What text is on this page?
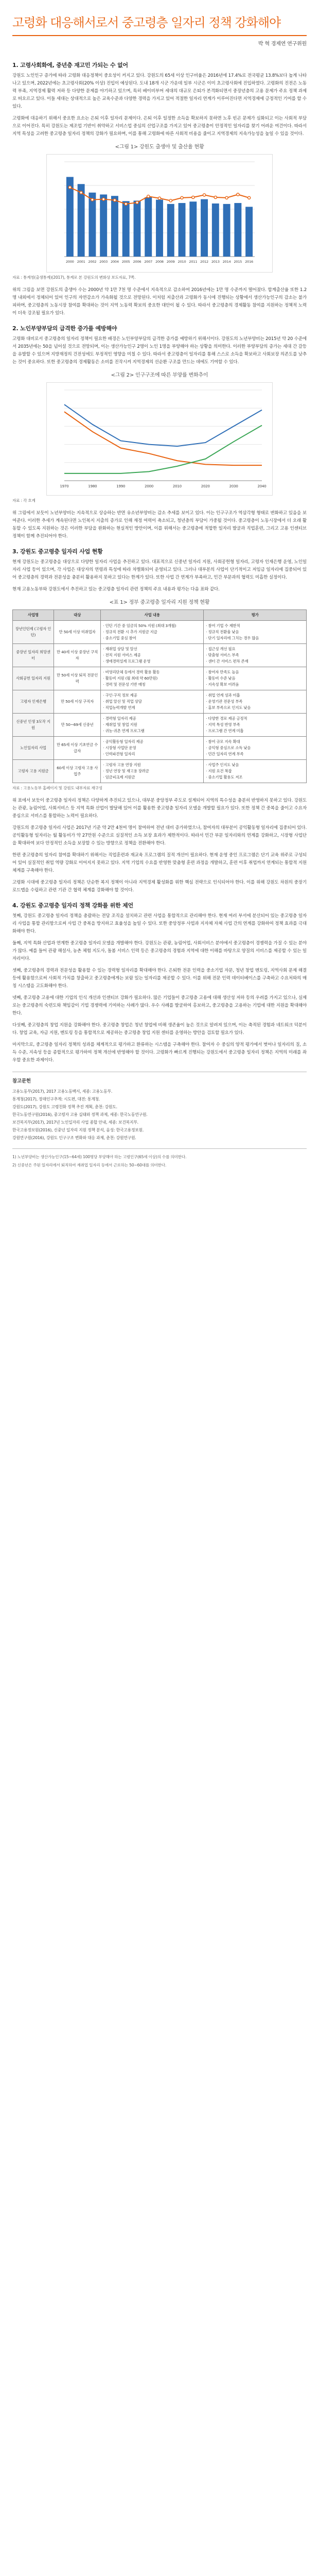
고령화 대응해서로서 중고령층 일자리 정책 강화해야
박 혁 경제연 연구위원
1. 고령사회화에, 중년층 재고민 가되는 수 없어

강원도 노인인구 증가에 따라 고령화 대응정책이 중요성이 커지고 있다. 강원도의 65세 이상 인구비율은 2016년에 17.4%로 전국평균 13.8%보다 높게 나타나고 있으며, 2022년에는 초고령사회(20% 이상) 진입이 예상된다. 도내 18개 시군 가운데 일부 시군은 이미 초고령사회에 진입하였다. 고령화의 진전은 노동력 부족, 지역경제 활력 저하 등 다양한 문제를 야기하고 있으며, 특히 베이비부머 세대의 대규모 은퇴가 본격화되면서 중장년층의 고용 문제가 주요 정책 과제로 떠오르고 있다. 이들 세대는 상대적으로 높은 교육수준과 다양한 경력을 가지고 있어 적절한 일자리 연계가 이루어진다면 지역경제에 긍정적인 기여를 할 수 있다.

고령화에 대응하기 위해서 중요한 요소는 은퇴 이후 일자리 문제이다. 은퇴 이후 일정한 소득을 확보하지 못하면 노후 빈곤 문제가 심화되고 이는 사회적 부담으로 이어진다. 특히 강원도는 제조업 기반이 취약하고 서비스업 중심의 산업구조를 가지고 있어 중고령층이 안정적인 일자리를 찾기 어려운 여건이다. 따라서 지역 특성을 고려한 중고령층 일자리 정책의 강화가 필요하며, 이를 통해 고령화에 따른 사회적 비용을 줄이고 지역경제의 지속가능성을 높일 수 있을 것이다.

<그림 1> 강원도 출생아 및 출산율 현황
2000 2001 2002 2003 2004 2005 2006 2007 2008 2009 2010 2011 2012 2013 2014 2015 2016
자료 : 통계청(출생통계)(2017), 통계로 본 강원도의 변화상 보도자료, 7쪽.

위의 그림을 보면 강원도의 출생아 수는 2000년 약 1만 7천 명 수준에서 지속적으로 감소하여 2016년에는 1만 명 수준까지 떨어졌다. 합계출산율 또한 1.2명 내외에서 정체되어 있어 인구의 자연감소가 가속화될 것으로 전망된다. 이처럼 저출산과 고령화가 동시에 진행되는 상황에서 생산가능인구의 감소는 불가피하며, 중고령층의 노동시장 참여를 확대하는 것이 지역 노동력 확보의 중요한 대안이 될 수 있다. 따라서 중고령층의 경제활동 참여를 지원하는 정책적 노력이 더욱 강조될 필요가 있다.

2. 노인부양부담의 급격한 증가를 예방해야

고령화 대비로서 중고령층의 일자리 정책이 필요한 배경은 노인부양부담의 급격한 증가를 예방하기 위해서이다. 강원도의 노년부양비는 2015년 약 20 수준에서 2035년에는 50을 넘어설 것으로 전망되며, 이는 생산가능인구 2명이 노인 1명을 부양해야 하는 상황을 의미한다. 이러한 부양부담의 증가는 세대 간 갈등을 유발할 수 있으며 지방재정의 건전성에도 부정적인 영향을 미칠 수 있다. 따라서 중고령층이 일자리를 통해 스스로 소득을 확보하고 사회보장 의존도를 낮추는 것이 중요하다. 또한 중고령층의 경제활동은 소비를 진작시켜 지역경제의 선순환 구조를 만드는 데에도 기여할 수 있다.

<그림 2> 인구구조에 따른 부양률 변화추이
1970	1980	1990	2000	2010	2020	2030	2040
자료 : 각 호계

위 그림에서 보듯이 노년부양비는 지속적으로 상승하는 반면 유소년부양비는 감소 추세를 보이고 있다. 이는 인구구조가 역삼각형 형태로 변화하고 있음을 보여준다. 이러한 추세가 계속된다면 노인복지 지출의 증가로 인해 재정 여력이 축소되고, 청년층의 부담이 가중될 것이다. 중고령층이 노동시장에서 더 오래 활동할 수 있도록 지원하는 것은 이러한 부담을 완화하는 현실적인 방안이며, 이를 위해서는 중고령층에 적합한 일자리 발굴과 직업훈련, 그리고 고용 인센티브 정책이 함께 추진되어야 한다.

3. 강원도 중고령층 일자리 사업 현황

현재 강원도는 중고령층을 대상으로 다양한 일자리 사업을 추진하고 있다. 대표적으로 신중년 일자리 지원, 사회공헌형 일자리, 고령자 인재은행 운영, 노인일자리 사업 등이 있으며, 각 사업은 대상자의 연령과 특성에 따라 차별화되어 운영되고 있다. 그러나 대부분의 사업이 단기적이고 저임금 일자리에 집중되어 있어 중고령층의 경력과 전문성을 충분히 활용하지 못하고 있다는 한계가 있다. 또한 사업 간 연계가 부족하고, 민간 부문과의 협력도 미흡한 실정이다.

현재 고용노동부와 강원도에서 추진하고 있는 중고령층 일자리 관련 정책의 주요 내용과 평가는 다음 표와 같다.

<표 1> 정부 중고령층 일자리 지원 정책 현황
사업명	대상	사업 내용	평가

장년인턴제 (고령자 인턴)	만 50세 이상 미취업자	· 인턴 기간 중 임금의 50% 지원 (최대 3개월)
· 정규직 전환 시 추가 지원금 지급
· 중소기업 중심 참여	· 참여 기업 수 제한적
· 정규직 전환율 낮음
· 단기 일자리에 그치는 경우 많음

중장년 일자리 희망센터	만 40세 이상 중장년 구직자	· 재취업 상담 및 알선
· 전직 지원 서비스 제공
· 생애경력설계 프로그램 운영	· 접근성 개선 필요
· 맞춤형 서비스 부족
· 센터 간 서비스 편차 존재

사회공헌 일자리 지원	만 50세 이상 퇴직 전문인력	· 비영리단체 등에서 경력 활용 활동
· 활동비 지원 (월 최대 약 60만원)
· 경력 및 전문성 기반 매칭	· 참여자 만족도 높음
· 활동비 수준 낮음
· 지속성 확보 어려움

고령자 인재은행	만 50세 이상 구직자	· 구인·구직 정보 제공
· 취업 알선 및 직업 상담
· 직업능력개발 연계	· 취업 연계 성과 미흡
· 운영기관 전문성 부족
· 홍보 부족으로 인지도 낮음

신중년 인생 3모작 지원	만 50~69세 신중년	· 경력형 일자리 제공
· 재취업 및 창업 지원
· 귀농·귀촌 연계 프로그램	· 다양한 경로 제공 긍정적
· 지역 특성 반영 부족
· 프로그램 간 연계 미흡

노인일자리 사업	만 65세 이상 기초연금 수급자	· 공익활동형 일자리 제공
· 시장형 사업단 운영
· 인력파견형 일자리	· 참여 규모 지속 확대
· 공익형 중심으로 소득 낮음
· 민간 일자리 연계 부족

고령자 고용 지원금	60세 이상 고령자 고용 사업주	· 고령자 고용 연장 지원
· 정년 연장 및 재고용 장려금
· 임금피크제 지원금	· 사업주 인지도 낮음
· 지원 요건 복잡
· 중소기업 활용도 저조
자료 : 고용노동부 홈페이지 및 강원도 내부자료 재구성

위 표에서 보듯이 중고령층 일자리 정책은 다양하게 추진되고 있으나, 대부분 중앙정부 주도로 설계되어 지역의 특수성을 충분히 반영하지 못하고 있다. 강원도는 관광, 농림어업, 사회서비스 등 지역 특화 산업이 발달해 있어 이를 활용한 중고령층 일자리 모델을 개발할 필요가 있다. 또한 정책 간 중복을 줄이고 수요자 중심으로 서비스를 통합하는 노력이 필요하다.

강원도의 중고령층 일자리 사업은 2017년 기준 약 2만 4천여 명이 참여하여 전년 대비 증가하였으나, 참여자의 대부분이 공익활동형 일자리에 집중되어 있다. 공익활동형 일자리는 월 활동비가 약 27만원 수준으로 실질적인 소득 보장 효과가 제한적이다. 따라서 민간 부문 일자리와의 연계를 강화하고, 시장형 사업단을 확대하여 보다 안정적인 소득을 보장할 수 있는 방향으로 정책을 전환해야 한다.

한편 중고령층의 일자리 참여를 확대하기 위해서는 직업훈련과 재교육 프로그램의 질적 개선이 필요하다. 현재 운영 중인 프로그램은 단기 교육 위주로 구성되어 있어 실질적인 취업 역량 강화로 이어지지 못하고 있다. 지역 기업의 수요를 반영한 맞춤형 훈련 과정을 개발하고, 훈련 이후 취업까지 연계되는 통합적 지원 체계를 구축해야 한다.

고령화 시대에 중고령층 일자리 정책은 단순한 복지 정책이 아니라 지역경제 활성화를 위한 핵심 전략으로 인식되어야 한다. 이를 위해 강원도 차원의 중장기 로드맵을 수립하고 관련 기관 간 협력 체계를 강화해야 할 것이다.

4. 강원도 중고령층 일자리 정책 강화를 위한 제언

첫째, 강원도 중고령층 일자리 정책을 총괄하는 전담 조직을 설치하고 관련 사업을 통합적으로 관리해야 한다. 현재 여러 부서에 분산되어 있는 중고령층 일자리 사업을 통합 관리함으로써 사업 간 중복을 방지하고 효율성을 높일 수 있다. 또한 중앙정부 사업과 지자체 자체 사업 간의 연계를 강화하여 정책 효과를 극대화해야 한다.

둘째, 지역 특화 산업과 연계한 중고령층 일자리 모델을 개발해야 한다. 강원도는 관광, 농림어업, 사회서비스 분야에서 중고령층이 경쟁력을 가질 수 있는 분야가 많다. 예를 들어 관광 해설사, 농촌 체험 지도사, 돌봄 서비스 인력 등은 중고령층의 경험과 지역에 대한 이해를 바탕으로 양질의 서비스를 제공할 수 있는 일자리이다.

셋째, 중고령층의 경력과 전문성을 활용할 수 있는 경력형 일자리를 확대해야 한다. 은퇴한 전문 인력을 중소기업 자문, 청년 창업 멘토링, 지역사회 문제 해결 등에 활용함으로써 사회적 가치를 창출하고 중고령층에게는 보람 있는 일자리를 제공할 수 있다. 이를 위해 전문 인력 데이터베이스를 구축하고 수요처와의 매칭 시스템을 고도화해야 한다.

넷째, 중고령층 고용에 대한 기업의 인식 개선과 인센티브 강화가 필요하다. 많은 기업들이 중고령층 고용에 대해 생산성 저하 등의 우려를 가지고 있으나, 실제로는 중고령층의 숙련도와 책임감이 기업 경쟁력에 기여하는 사례가 많다. 우수 사례를 발굴하여 홍보하고, 중고령층을 고용하는 기업에 대한 지원을 확대해야 한다.

다섯째, 중고령층의 창업 지원을 강화해야 한다. 중고령층 창업은 청년 창업에 비해 생존율이 높은 것으로 알려져 있으며, 이는 축적된 경험과 네트워크 덕분이다. 창업 교육, 자금 지원, 멘토링 등을 통합적으로 제공하는 중고령층 창업 지원 센터를 운영하는 방안을 검토할 필요가 있다.

마지막으로, 중고령층 일자리 정책의 성과를 체계적으로 평가하고 환류하는 시스템을 구축해야 한다. 참여자 수 중심의 양적 평가에서 벗어나 일자리의 질, 소득 수준, 지속성 등을 종합적으로 평가하여 정책 개선에 반영해야 할 것이다. 고령화가 빠르게 진행되는 강원도에서 중고령층 일자리 정책은 지역의 미래를 좌우할 중요한 과제이다.

참고문헌
고용노동부(2017), 2017 고용노동백서, 세종: 고용노동부.
통계청(2017), 장래인구추계: 시도편, 대전: 통계청.
강원도(2017), 강원도 고령친화 정책 추진 계획, 춘천: 강원도.
한국노동연구원(2016), 중고령자 고용 실태와 정책 과제, 세종: 한국노동연구원.
보건복지부(2017), 2017년 노인일자리 사업 종합 안내, 세종: 보건복지부.
한국고용정보원(2016), 신중년 일자리 지원 정책 분석, 음성: 한국고용정보원.
강원연구원(2016), 강원도 인구구조 변화와 대응 과제, 춘천: 강원연구원.
1) 노년부양비는 생산가능인구(15~64세) 100명당 부양해야 하는 고령인구(65세 이상)의 수를 의미한다.
2) 신중년은 주된 일자리에서 퇴직하여 재취업 일자리 등에서 근로하는 50~60대를 의미한다.
